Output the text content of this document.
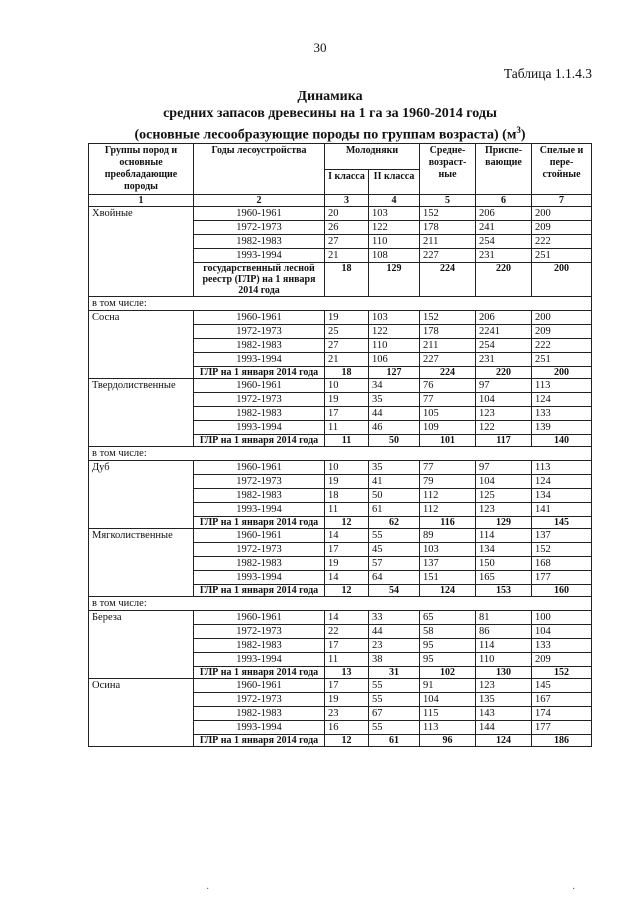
30
Таблица 1.1.4.3
Динамика
средних запасов древесины на 1 га за 1960-2014 годы
(основные лесообразующие породы по группам возраста) $(м^3)$
Группы пород и основные преобладающие породы	Годы лесоустройства	Молодняки		Средне-возраст-ные	Приспе-вающие	Спелые и пере-стойные
		I класса	II класса			
1	2	3	4	5	6	7
Хвойные	1960-1961	20	103	152	206	200
	1972-1973	26	122	178	241	209
	1982-1983	27	110	211	254	222
	1993-1994	21	108	227	231	251
	государственный лесной реестр (ГЛР) на 1 января 2014 года	18	129	224	220	200
в том числе:						
Сосна	1960-1961	19	103	152	206	200
	1972-1973	25	122	178	2241	209
	1982-1983	27	110	211	254	222
	1993-1994	21	106	227	231	251
	ГЛР на 1 января 2014 года	18	127	224	220	200
Твердолиственные	1960-1961	10	34	76	97	113
	1972-1973	19	35	77	104	124
	1982-1983	17	44	105	123	133
	1993-1994	11	46	109	122	139
	ГЛР на 1 января 2014 года	11	50	101	117	140
в том числе:						
Дуб	1960-1961	10	35	77	97	113
	1972-1973	19	41	79	104	124
	1982-1983	18	50	112	125	134
	1993-1994	11	61	112	123	141
	ГЛР на 1 января 2014 года	12	62	116	129	145
Мягколиственные	1960-1961	14	55	89	114	137
	1972-1973	17	45	103	134	152
	1982-1983	19	57	137	150	168
	1993-1994	14	64	151	165	177
	ГЛР на 1 января 2014 года	12	54	124	153	160
в том числе:						
Береза	1960-1961	14	33	65	81	100
	1972-1973	22	44	58	86	104
	1982-1983	17	23	95	114	133
	1993-1994	11	38	95	110	209
	ГЛР на 1 января 2014 года	13	31	102	130	152
Осина	1960-1961	17	55	91	123	145
	1972-1973	19	55	104	135	167
	1982-1983	23	67	115	143	174
	1993-1994	16	55	113	144	177
	ГЛР на 1 января 2014 года	12	61	96	124	186
·	·
